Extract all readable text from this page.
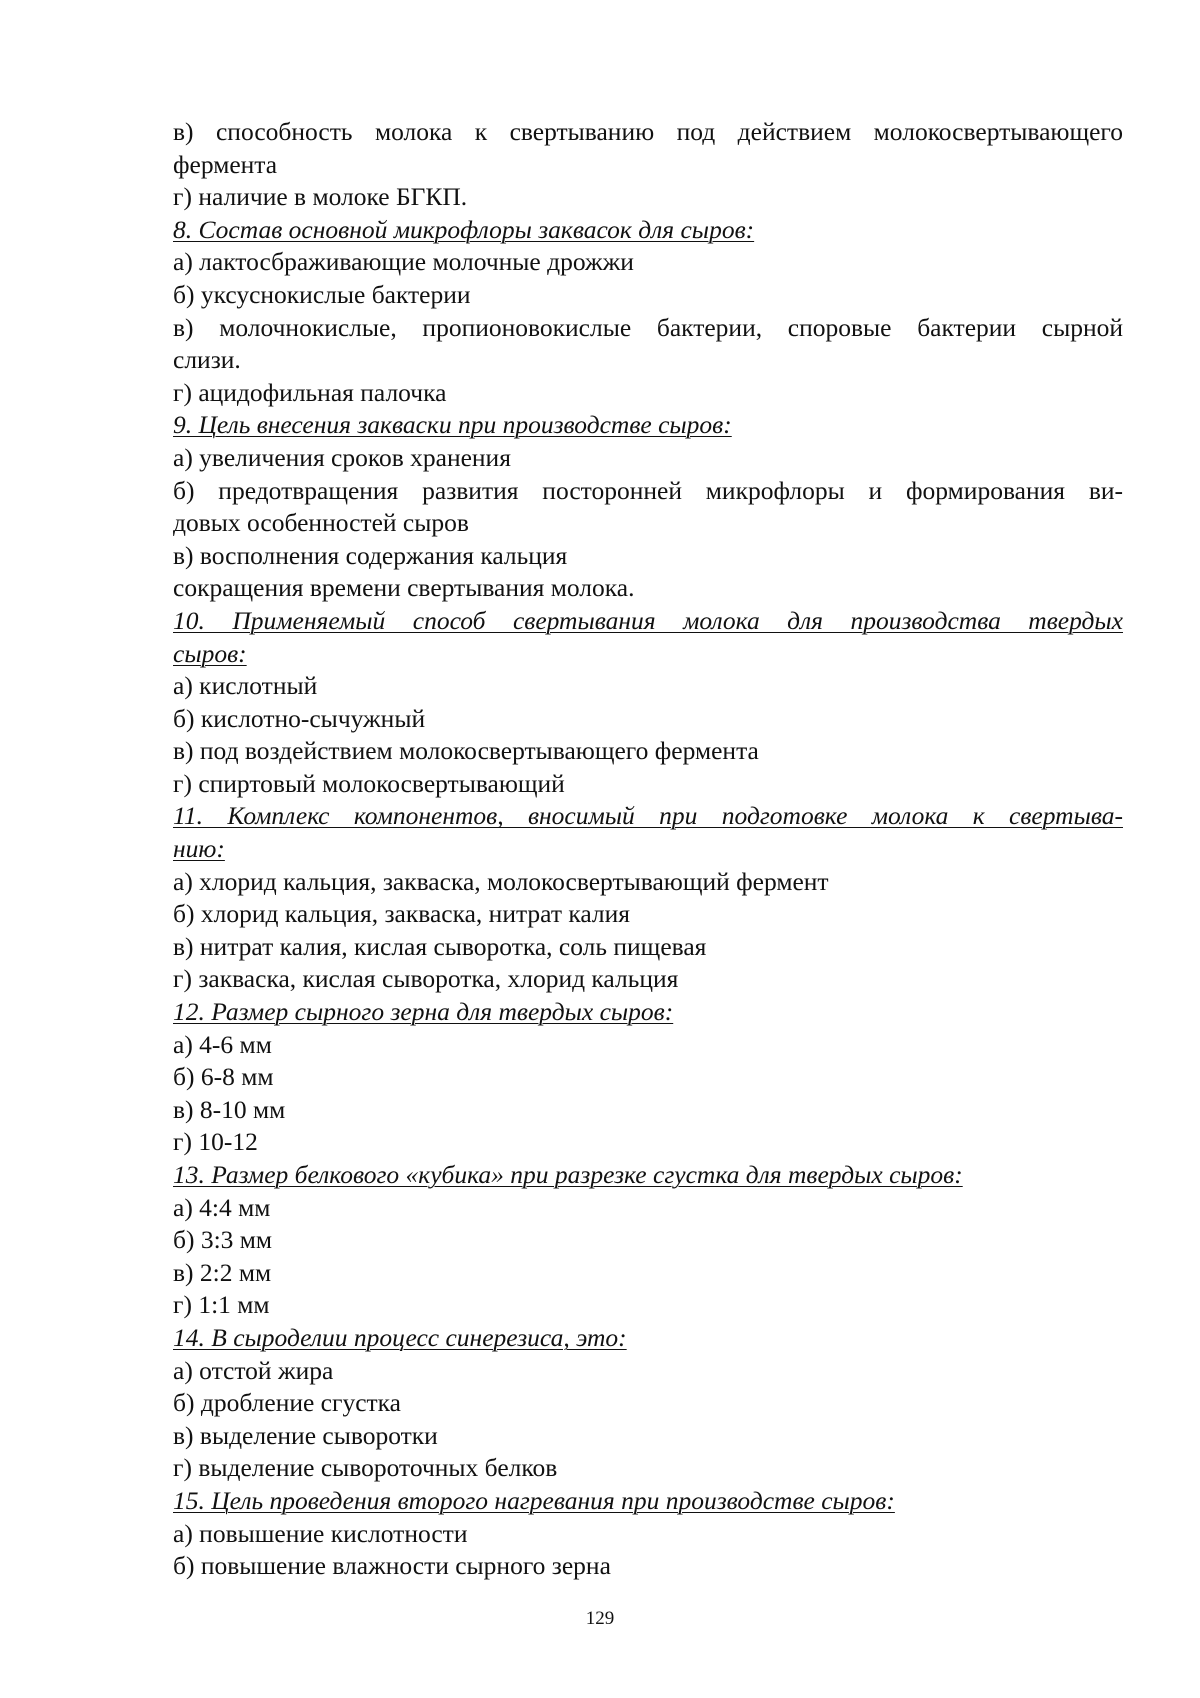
в) способность молока к свертыванию под действием молокосвертывающего

фермента

г) наличие в молоке БГКП.

8. Состав основной микрофлоры заквасок для сыров:

а) лактосбраживающие молочные дрожжи

б) уксуснокислые бактерии

в) молочнокислые, пропионовокислые бактерии, споровые бактерии сырной

слизи.

г) ацидофильная палочка

9. Цель внесения закваски при производстве сыров:

а) увеличения сроков хранения

б) предотвращения развития посторонней микрофлоры и формирования ви-

довых особенностей сыров

в) восполнения содержания кальция

сокращения времени свертывания молока.

10. Применяемый способ свертывания молока для производства твердых

сыров:

а) кислотный

б) кислотно-сычужный

в) под воздействием молокосвертывающего фермента

г) спиртовый молокосвертывающий

11. Комплекс компонентов, вносимый при подготовке молока к свертыва-

нию:

а) хлорид кальция, закваска, молокосвертывающий фермент

б) хлорид кальция, закваска, нитрат калия

в) нитрат калия, кислая сыворотка, соль пищевая

г) закваска, кислая сыворотка, хлорид кальция

12. Размер сырного зерна для твердых сыров:

а) 4-6 мм

б) 6-8 мм

в) 8-10 мм

г) 10-12

13. Размер белкового «кубика» при разрезке сгустка для твердых сыров:

а) 4:4 мм

б) 3:3 мм

в) 2:2 мм

г) 1:1 мм

14. В сыроделии процесс синерезиса, это:

а) отстой жира

б) дробление сгустка

в) выделение сыворотки

г) выделение сывороточных белков

15. Цель проведения второго нагревания при производстве сыров:

а) повышение кислотности

б) повышение влажности сырного зерна

129
